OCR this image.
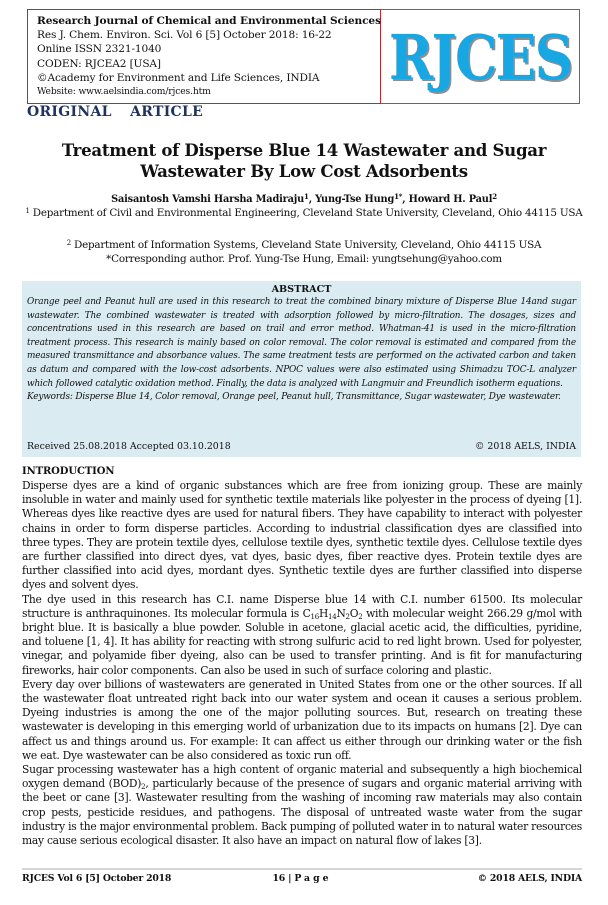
Research Journal of Chemical and Environmental Sciences
Res J. Chem. Environ. Sci. Vol 6 [5] October 2018: 16-22
Online ISSN 2321-1040
CODEN: RJCEA2 [USA]
©Academy for Environment and Life Sciences, INDIA
Website: www.aelsindia.com/rjces.htm	RJCES
ORIGINAL  ARTICLE
Treatment of Disperse Blue 14 Wastewater and Sugar
Wastewater By Low Cost Adsorbents
Saisantosh Vamshi Harsha Madiraju$^1$, Yung-Tse Hung$^{1*}$, Howard H. Paul$^2$
$^1$ Department of Civil and Environmental Engineering, Cleveland State University, Cleveland, Ohio 44115 USA
$^2$ Department of Information Systems, Cleveland State University, Cleveland, Ohio 44115 USA
*Corresponding author. Prof. Yung-Tse Hung, Email: yungtsehung@yahoo.com
ABSTRACT
Orange peel and Peanut hull are used in this research to treat the combined binary mixture of Disperse Blue 14and sugar wastewater. The combined wastewater is treated with adsorption followed by micro-filtration. The dosages, sizes and concentrations used in this research are based on trail and error method. Whatman-41 is used in the micro-filtration treatment process. This research is mainly based on color removal. The color removal is estimated and compared from the measured transmittance and absorbance values. The same treatment tests are performed on the activated carbon and taken as datum and compared with the low-cost adsorbents. NPOC values were also estimated using Shimadzu TOC-L analyzer which followed catalytic oxidation method. Finally, the data is analyzed with Langmuir and Freundlich isotherm equations.
Keywords: Disperse Blue 14, Color removal, Orange peel, Peanut hull, Transmittance, Sugar wastewater, Dye wastewater.
Received 25.08.2018 Accepted 03.10.2018	© 2018 AELS, INDIA
INTRODUCTION

Disperse dyes are a kind of organic substances which are free from ionizing group. These are mainly insoluble in water and mainly used for synthetic textile materials like polyester in the process of dyeing [1]. Whereas dyes like reactive dyes are used for natural fibers. They have capability to interact with polyester chains in order to form disperse particles. According to industrial classification dyes are classified into three types. They are protein textile dyes, cellulose textile dyes, synthetic textile dyes. Cellulose textile dyes are further classified into direct dyes, vat dyes, basic dyes, fiber reactive dyes. Protein textile dyes are further classified into acid dyes, mordant dyes. Synthetic textile dyes are further classified into disperse dyes and solvent dyes.

The dye used in this research has C.I. name Disperse blue 14 with C.I. number 61500. Its molecular structure is anthraquinones. Its molecular formula is $C_{16}H_{14}N_2O_2$ with molecular weight 266.29 g/mol with bright blue. It is basically a blue powder. Soluble in acetone, glacial acetic acid, the difficulties, pyridine, and toluene [1, 4]. It has ability for reacting with strong sulfuric acid to red light brown. Used for polyester, vinegar, and polyamide fiber dyeing, also can be used to transfer printing. And is fit for manufacturing fireworks, hair color components. Can also be used in such of surface coloring and plastic.

Every day over billions of wastewaters are generated in United States from one or the other sources. If all the wastewater float untreated right back into our water system and ocean it causes a serious problem. Dyeing industries is among the one of the major polluting sources. But, research on treating these wastewater is developing in this emerging world of urbanization due to its impacts on humans [2]. Dye can affect us and things around us. For example: It can affect us either through our drinking water or the fish we eat. Dye wastewater can be also considered as toxic run off.

Sugar processing wastewater has a high content of organic material and subsequently a high biochemical oxygen demand $(BOD)_2$, particularly because of the presence of sugars and organic material arriving with the beet or cane [3]. Wastewater resulting from the washing of incoming raw materials may also contain crop pests, pesticide residues, and pathogens. The disposal of untreated waste water from the sugar industry is the major environmental problem. Back pumping of polluted water in to natural water resources may cause serious ecological disaster. It also have an impact on natural flow of lakes [3].

RJCES Vol 6 [5] October 2018	16 | Page	© 2018 AELS, INDIA
